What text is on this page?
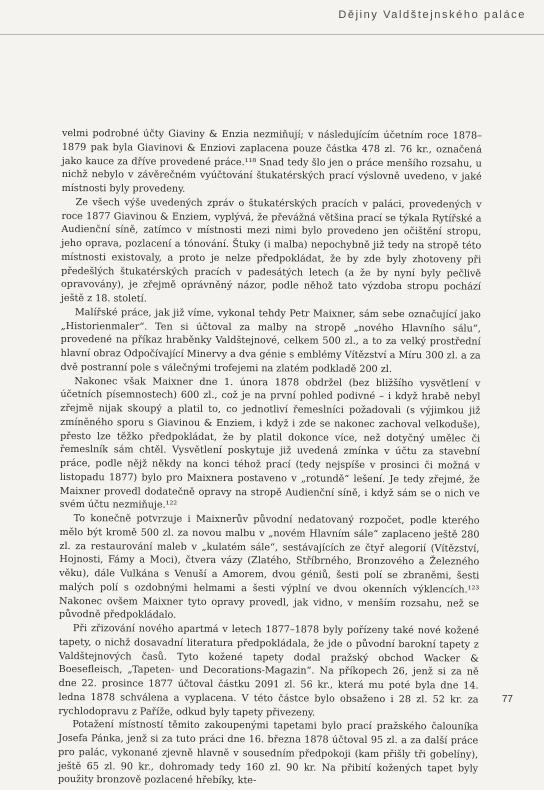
Dějiny Valdštejnského paláce

velmi podrobné účty Giaviny & Enzia nezmiňují; v následujícím účetním roce 1878–1879 pak byla Giavinovi & Enziovi zaplacena pouze částka 478 zl. 76 kr., označená jako kauce za dříve provedené práce.¹¹⁸ Snad tedy šlo jen o práce menšího rozsahu, u nichž nebylo v závěrečném vyúčtování štukatérských prací výslovně uvedeno, v jaké místnosti byly provedeny.

Ze všech výše uvedených zpráv o štukatérských pracích v paláci, provedených v roce 1877 Giavinou & Enziem, vyplývá, že převážná většina prací se týkala Rytířské a Audienční síně, zatímco v místnosti mezi nimi bylo provedeno jen očištění stropu, jeho oprava, pozlacení a tónování. Štuky (i malba) nepochybně již tedy na stropě této místnosti existovaly, a proto je nelze předpokládat, že by zde byly zhotoveny při předešlých štukatérských pracích v padesátých letech (a že by nyní byly pečlivě opravovány), je zřejmě oprávněný názor, podle něhož tato výzdoba stropu pochází ještě z 18. století.

Malířské práce, jak již víme, vykonal tehdy Petr Maixner, sám sebe označující jako „Historienmaler“. Ten si účtoval za malby na stropě „nového Hlavního sálu“, provedené na příkaz hraběnky Valdštejnové, celkem 500 zl., a to za velký prostřední hlavní obraz Odpočívající Minervy a dva génie s emblémy Vítězství a Míru 300 zl. a za dvě postranní pole s válečnými trofejemi na zlatém podkladě 200 zl.

Nakonec však Maixner dne 1. února 1878 obdržel (bez bližšího vysvětlení v účetních písemnostech) 600 zl., což je na první pohled podivné – i když hrabě nebyl zřejmě nijak skoupý a platil to, co jednotliví řemeslníci požadovali (s výjimkou již zmíněného sporu s Giavinou & Enziem, i když i zde se nakonec zachoval velkoduše), přesto lze těžko předpokládat, že by platil dokonce více, než dotyčný umělec či řemeslník sám chtěl. Vysvětlení poskytuje již uvedená zmínka v účtu za stavební práce, podle nějž někdy na konci téhož prací (tedy nejspíše v prosinci či možná v listopadu 1877) bylo pro Maixnera postaveno v „rotundě“ lešení. Je tedy zřejmé, že Maixner provedl dodatečně opravy na stropě Audienční síně, i když sám se o nich ve svém účtu nezmiňuje.¹²²

To konečně potvrzuje i Maixnerův původní nedatovaný rozpočet, podle kterého mělo být kromě 500 zl. za novou malbu v „novém Hlavním sále“ zaplaceno ještě 280 zl. za restaurování maleb v „kulatém sále“, sestávajících ze čtyř alegorií (Vítězství, Hojnosti, Fámy a Moci), čtvera vázy (Zlatého, Stříbrného, Bronzového a Železného věku), dále Vulkána s Venuší a Amorem, dvou géniů, šesti polí se zbraněmi, šesti malých polí s ozdobnými helmami a šesti výplní ve dvou okenních výklencích.¹²³ Nakonec ovšem Maixner tyto opravy provedl, jak vidno, v menším rozsahu, než se původně předpokládalo.

Při zřizování nového apartmá v letech 1877–1878 byly pořízeny také nové kožené tapety, o nichž dosavadní literatura předpokládala, že jde o původní barokní tapety z Valdštejnových časů. Tyto kožené tapety dodal pražský obchod Wacker & Boesefleisch, „Tapeten- und Decorations-Magazin“. Na příkopech 26, jenž si za ně dne 22. prosince 1877 účtoval částku 2091 zl. 56 kr., která mu poté byla dne 14. ledna 1878 schválena a vyplacena. V této částce bylo obsaženo i 28 zl. 52 kr. za rychlodopravu z Paříže, odkud byly tapety přivezeny.

Potažení místností těmito zakoupenými tapetami bylo prací pražského čalouníka Josefa Pánka, jenž si za tuto práci dne 16. března 1878 účtoval 95 zl. a za další práce pro palác, vykonané zjevně hlavně v sousedním předpokoji (kam přišly tři gobelíny), ještě 65 zl. 90 kr., dohromady tedy 160 zl. 90 kr. Na přibití kožených tapet byly použity bronzově pozlacené hřebíky, kte-

77
